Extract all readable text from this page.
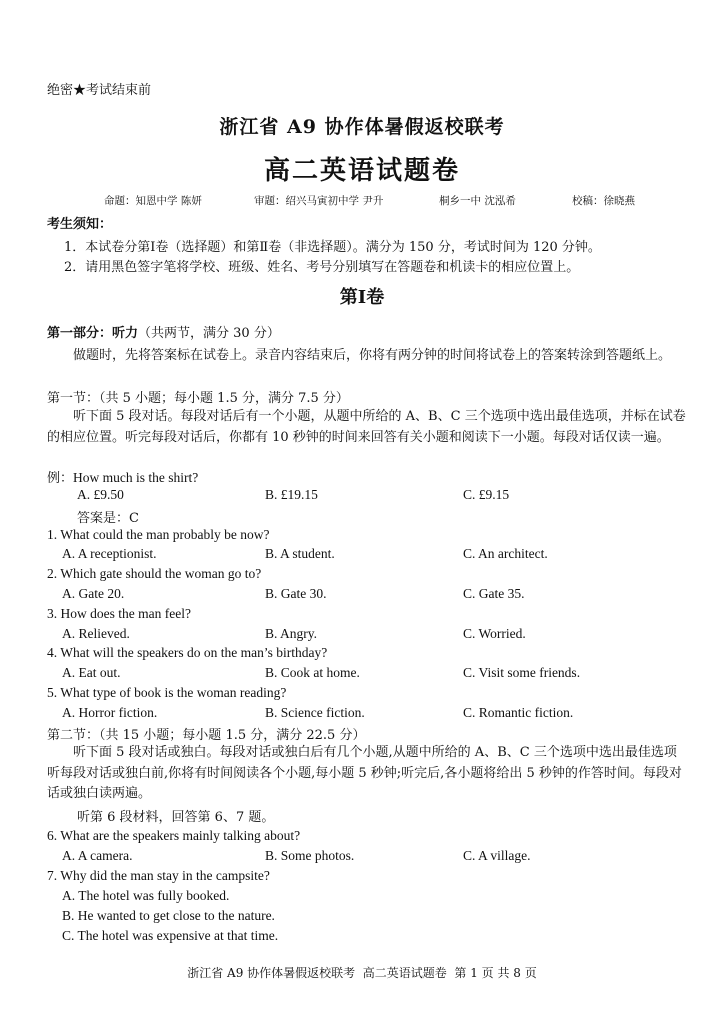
绝密★考试结束前
浙江省 A9 协作体暑假返校联考
高二英语试题卷
命题：知恩中学 陈妍	审题：绍兴马寅初中学 尹升	桐乡一中 沈泓希	校稿：徐晓燕
考生须知：
1．本试卷分第Ⅰ卷（选择题）和第Ⅱ卷（非选择题）。满分为 150 分，考试时间为 120 分钟。
2．请用黑色签字笔将学校、班级、姓名、考号分别填写在答题卷和机读卡的相应位置上。
第Ⅰ卷
第一部分：听力（共两节，满分 30 分）
做题时，先将答案标在试卷上。录音内容结束后，你将有两分钟的时间将试卷上的答案转涂到答题纸上。
第一节：（共 5 小题；每小题 1.5 分，满分 7.5 分）
听下面 5 段对话。每段对话后有一个小题，从题中所给的 A、B、C 三个选项中选出最佳选项，并标在试卷的相应位置。听完每段对话后，你都有 10 秒钟的时间来回答有关小题和阅读下一小题。每段对话仅读一遍。
例：How much is the shirt?
A. £9.50	B. £19.15	C. £9.15
答案是：C
1. What could the man probably be now?
A. A receptionist.	B. A student.	C. An architect.
2. Which gate should the woman go to?
A. Gate 20.	B. Gate 30.	C. Gate 35.
3. How does the man feel?
A. Relieved.	B. Angry.	C. Worried.
4. What will the speakers do on the man’s birthday?
A. Eat out.	B. Cook at home.	C. Visit some friends.
5. What type of book is the woman reading?
A. Horror fiction.	B. Science fiction.	C. Romantic fiction.
第二节：（共 15 小题；每小题 1.5 分，满分 22.5 分）
听下面 5 段对话或独白。每段对话或独白后有几个小题,从题中所给的 A、B、C 三个选项中选出最佳选项听每段对话或独白前,你将有时间阅读各个小题,每小题 5 秒钟;听完后,各小题将给出 5 秒钟的作答时间。每段对话或独白读两遍。
听第 6 段材料，回答第 6、7 题。
6. What are the speakers mainly talking about?
A. A camera.	B. Some photos.	C. A village.
7. Why did the man stay in the campsite?
A. The hotel was fully booked.
B. He wanted to get close to the nature.
C. The hotel was expensive at that time.
浙江省 A9 协作体暑假返校联考  高二英语试题卷  第 1 页 共 8 页
